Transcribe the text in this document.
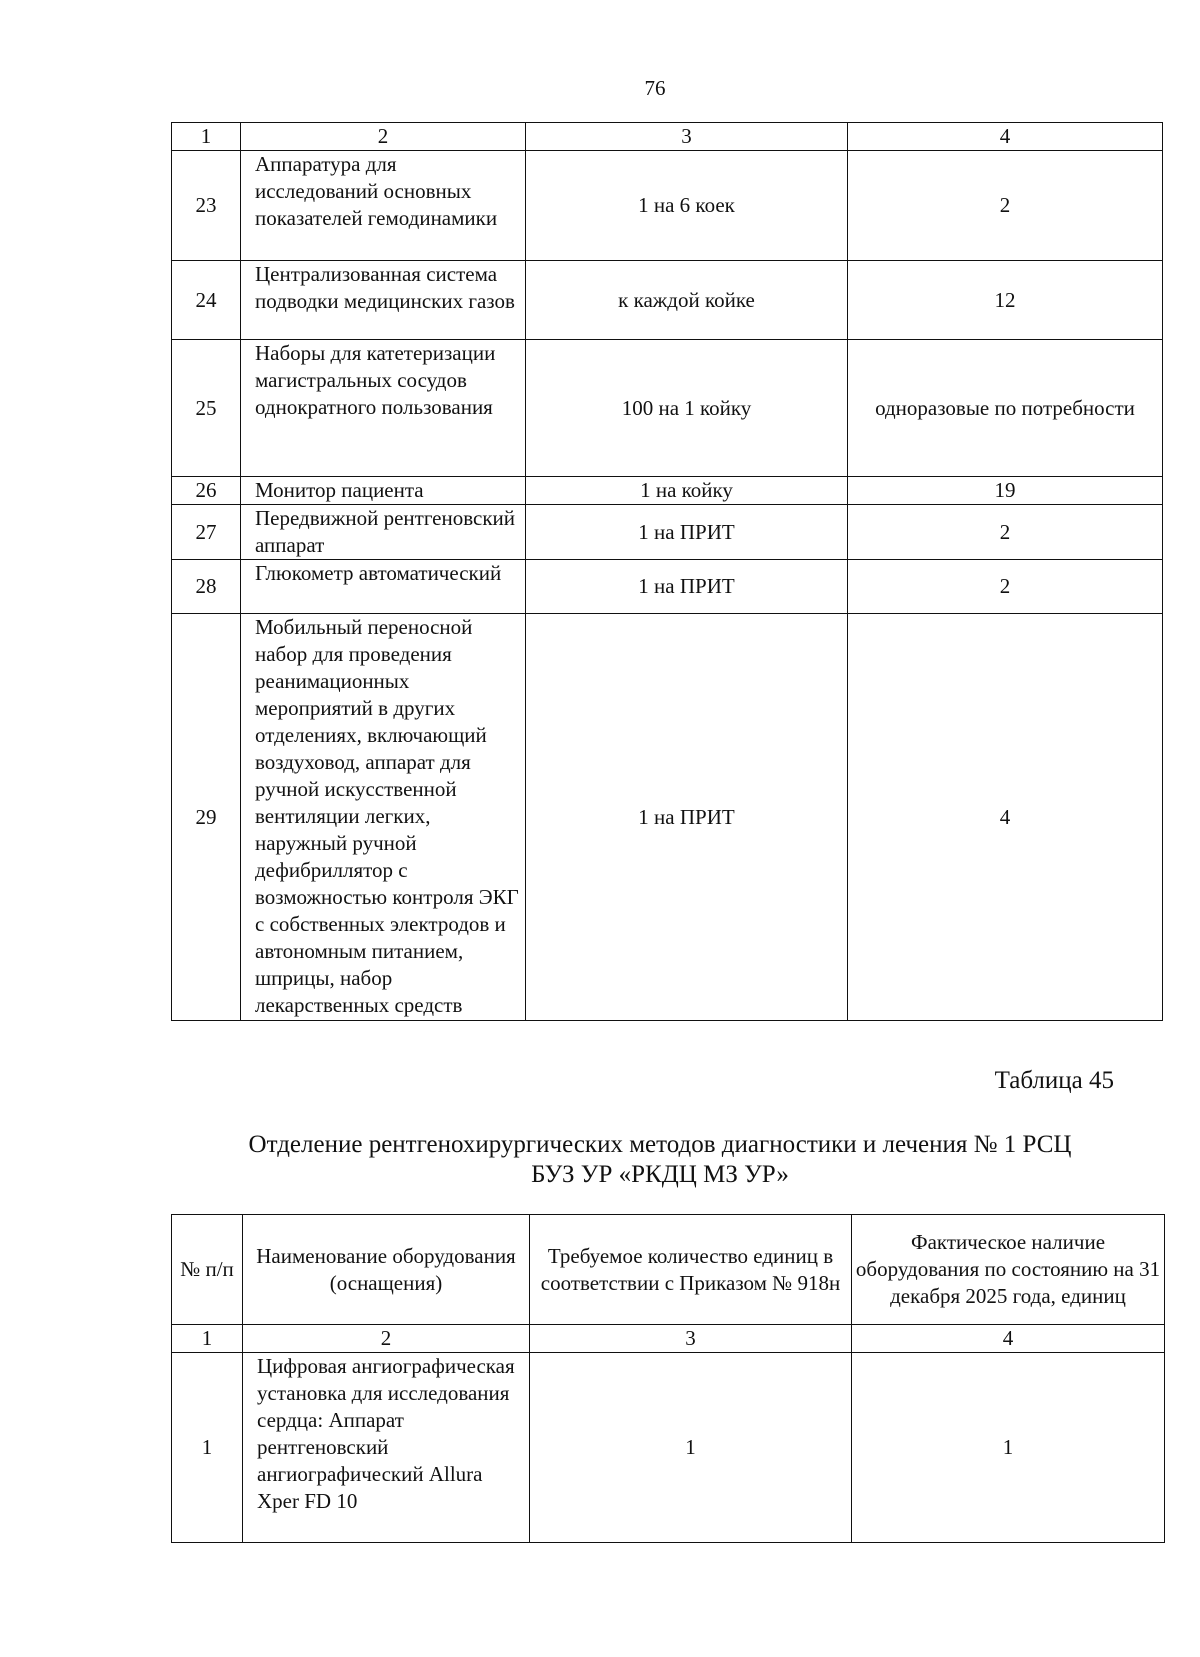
76
1	2	3	4
23	Аппаратура для исследований основных показателей гемодинамики	1 на 6 коек	2
24	Централизованная система подводки медицинских газов	к каждой койке	12
25	Наборы для катетеризации магистральных сосудов однократного пользования	100 на 1 койку	одноразовые по потребности
26	Монитор пациента	1 на койку	19
27	Передвижной рентгеновский аппарат	1 на ПРИТ	2
28	Глюкометр автоматический	1 на ПРИТ	2
29	Мобильный переносной набор для проведения реанимационных мероприятий в других отделениях, включающий воздуховод, аппарат для ручной искусственной вентиляции легких, наружный ручной дефибриллятор с возможностью контроля ЭКГ с собственных электродов и автономным питанием, шприцы, набор лекарственных средств	1 на ПРИТ	4
Таблица 45
Отделение рентгенохирургических методов диагностики и лечения № 1 РСЦ
БУЗ УР «РКДЦ МЗ УР»
№ п/п	Наименование оборудования (оснащения)	Требуемое количество единиц в соответствии с Приказом № 918н	Фактическое наличие оборудования по состоянию на 31 декабря 2025 года, единиц
1	2	3	4
1	Цифровая ангиографическая установка для исследования сердца: Аппарат рентгеновский ангиографический Allura Xper FD 10	1	1
